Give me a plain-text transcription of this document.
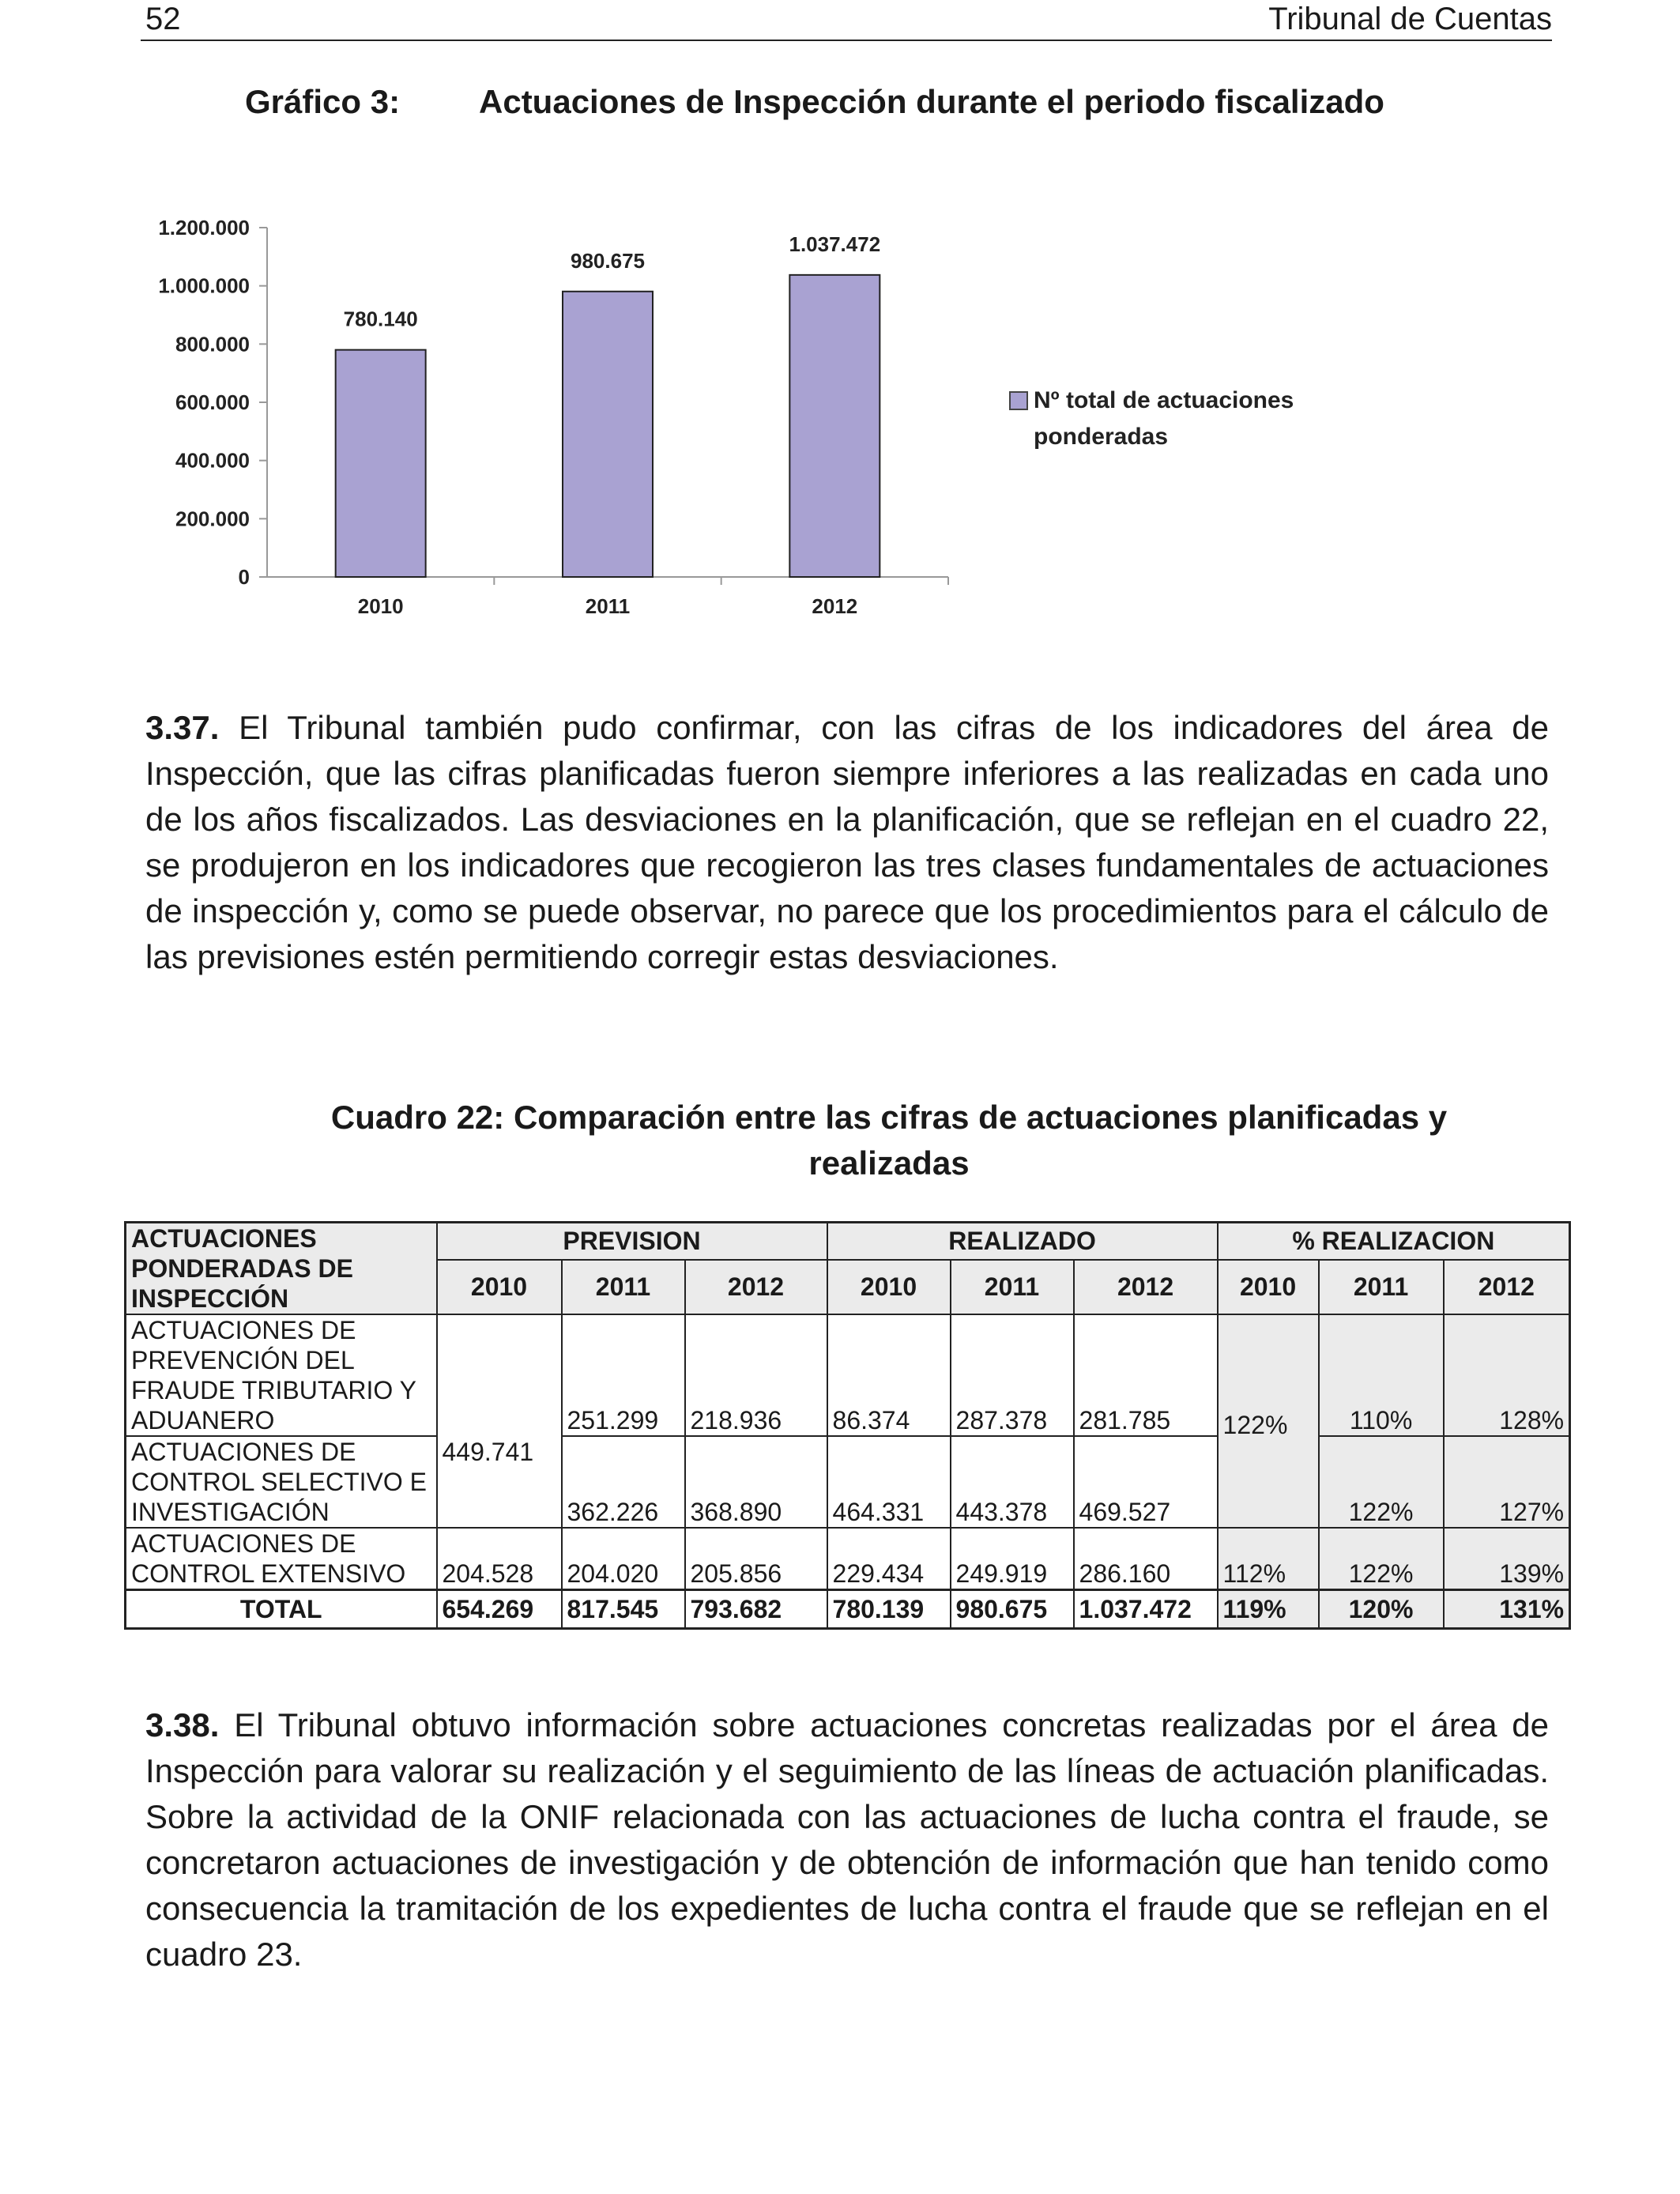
52	Tribunal de Cuentas
Gráfico 3: Actuaciones de Inspección durante el periodo fiscalizado
0
200.000
400.000
600.000
800.000
1.000.000
1.200.000
780.140
2010
980.675
2011
1.037.472
2012
Nº total de actuaciones
ponderadas

3.37. El Tribunal también pudo confirmar, con las cifras de los indicadores del área de Inspección, que las cifras planificadas fueron siempre inferiores a las realizadas en cada uno de los años fiscalizados. Las desviaciones en la planificación, que se reflejan en el cuadro 22, se produjeron en los indicadores que recogieron las tres clases fundamentales de actuaciones de inspección y, como se puede observar, no parece que los procedimientos para el cálculo de las previsiones estén permitiendo corregir estas desviaciones.

Cuadro 22: Comparación entre las cifras de actuaciones planificadas y
realizadas
ACTUACIONES PONDERADAS DE INSPECCIÓN	PREVISION			REALIZADO			% REALIZACION		
	2010	2011	2012	2010	2011	2012	2010	2011	2012
ACTUACIONES DE PREVENCIÓN DEL FRAUDE TRIBUTARIO Y ADUANERO	449.741	251.299	218.936	86.374	287.378	281.785	122%	110%	128%
ACTUACIONES DE CONTROL SELECTIVO E INVESTIGACIÓN		362.226	368.890	464.331	443.378	469.527		122%	127%
ACTUACIONES DE CONTROL EXTENSIVO	204.528	204.020	205.856	229.434	249.919	286.160	112%	122%	139%
TOTAL	654.269	817.545	793.682	780.139	980.675	1.037.472	119%	120%	131%

3.38. El Tribunal obtuvo información sobre actuaciones concretas realizadas por el área de Inspección para valorar su realización y el seguimiento de las líneas de actuación planificadas. Sobre la actividad de la ONIF relacionada con las actuaciones de lucha contra el fraude, se concretaron actuaciones de investigación y de obtención de información que han tenido como consecuencia la tramitación de los expedientes de lucha contra el fraude que se reflejan en el cuadro 23.
